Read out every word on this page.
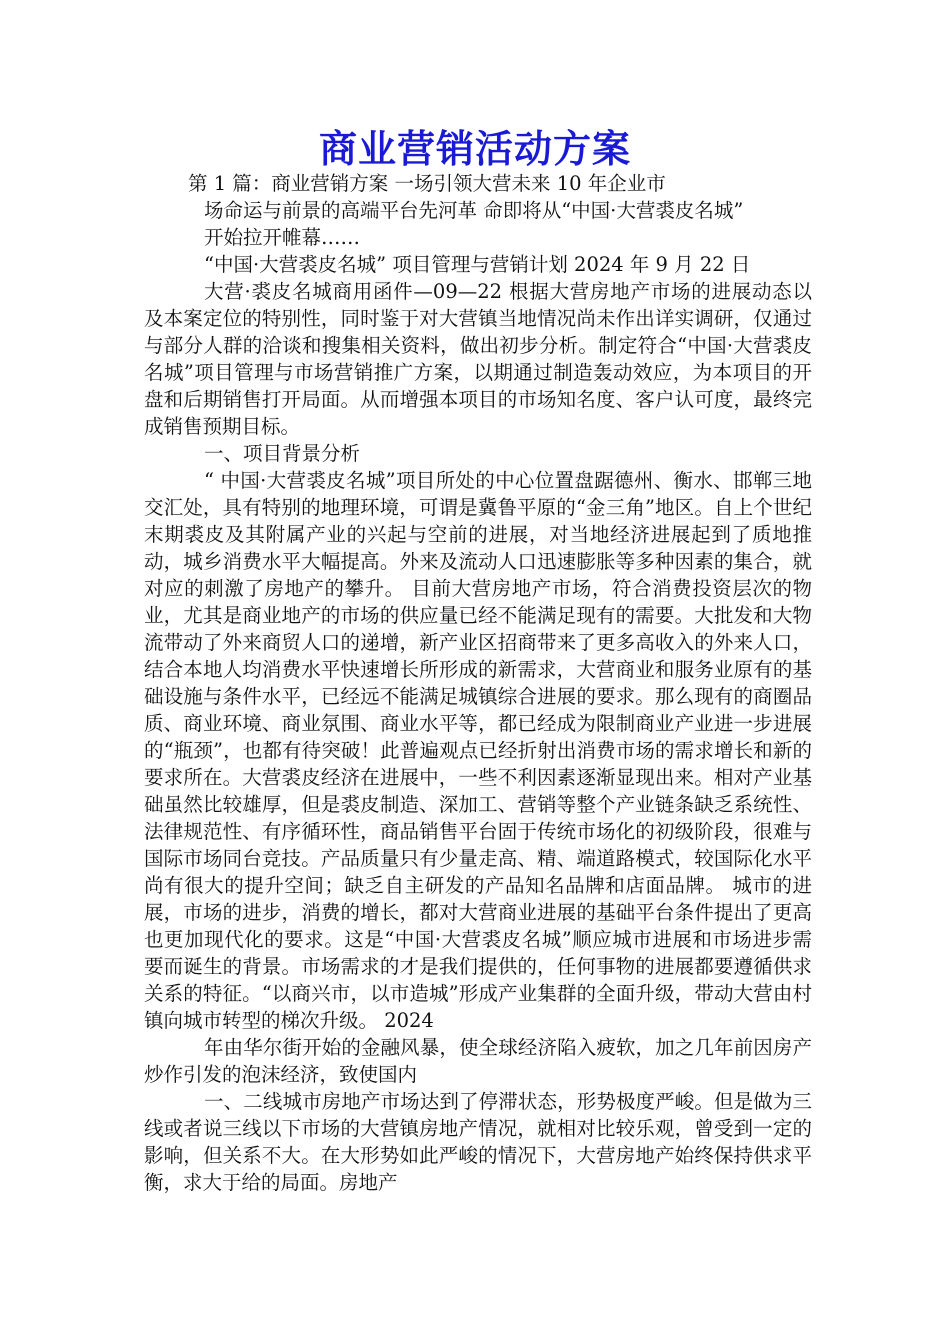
商业营销活动方案

第 1 篇：商业营销方案 一场引领大营未来 10 年企业市

场命运与前景的高端平台先河革 命即将从“中国·大营裘皮名城”

开始拉开帷幕……

“中国·大营裘皮名城” 项目管理与营销计划 2024 年 9 月 22 日

大营·裘皮名城商用函件—09—22 根据大营房地产市场的进展动态以及本案定位的特别性，同时鉴于对大营镇当地情况尚未作出详实调研，仅通过与部分人群的洽谈和搜集相关资料，做出初步分析。制定符合“中国·大营裘皮名城”项目管理与市场营销推广方案，以期通过制造轰动效应，为本项目的开盘和后期销售打开局面。从而增强本项目的市场知名度、客户认可度，最终完成销售预期目标。

一、项目背景分析

“ 中国·大营裘皮名城”项目所处的中心位置盘踞德州、衡水、邯郸三地交汇处，具有特别的地理环境，可谓是冀鲁平原的“金三角”地区。自上个世纪末期裘皮及其附属产业的兴起与空前的进展，对当地经济进展起到了质地推动，城乡消费水平大幅提高。外来及流动人口迅速膨胀等多种因素的集合，就对应的刺激了房地产的攀升。 目前大营房地产市场，符合消费投资层次的物业，尤其是商业地产的市场的供应量已经不能满足现有的需要。大批发和大物流带动了外来商贸人口的递增，新产业区招商带来了更多高收入的外来人口，结合本地人均消费水平快速增长所形成的新需求，大营商业和服务业原有的基础设施与条件水平，已经远不能满足城镇综合进展的要求。那么现有的商圈品质、商业环境、商业氛围、商业水平等，都已经成为限制商业产业进一步进展的“瓶颈”，也都有待突破！此普遍观点已经折射出消费市场的需求增长和新的要求所在。大营裘皮经济在进展中，一些不利因素逐渐显现出来。相对产业基础虽然比较雄厚，但是裘皮制造、深加工、营销等整个产业链条缺乏系统性、法律规范性、有序循环性，商品销售平台固于传统市场化的初级阶段，很难与国际市场同台竞技。产品质量只有少量走高、精、端道路模式，较国际化水平尚有很大的提升空间；缺乏自主研发的产品知名品牌和店面品牌。 城市的进展，市场的进步，消费的增长，都对大营商业进展的基础平台条件提出了更高也更加现代化的要求。这是“中国·大营裘皮名城”顺应城市进展和市场进步需要而诞生的背景。市场需求的才是我们提供的，任何事物的进展都要遵循供求关系的特征。“以商兴市，以市造城”形成产业集群的全面升级，带动大营由村镇向城市转型的梯次升级。 2024

年由华尔街开始的金融风暴，使全球经济陷入疲软，加之几年前因房产炒作引发的泡沫经济，致使国内

一、二线城市房地产市场达到了停滞状态，形势极度严峻。但是做为三线或者说三线以下市场的大营镇房地产情况，就相对比较乐观，曾受到一定的影响，但关系不大。在大形势如此严峻的情况下，大营房地产始终保持供求平衡，求大于给的局面。房地产
